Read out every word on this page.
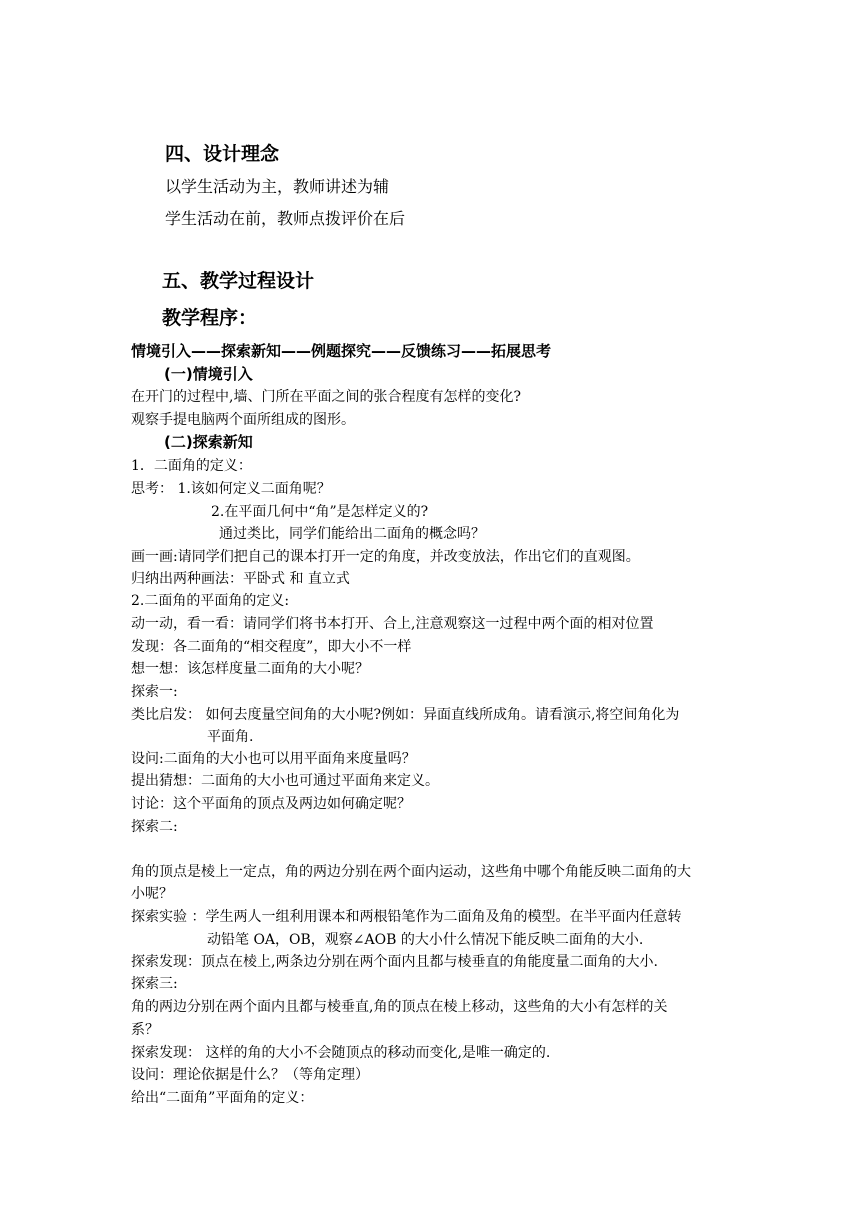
四、设计理念
以学生活动为主，教师讲述为辅
学生活动在前，教师点拨评价在后
五、教学过程设计
教学程序：
情境引入——探索新知——例题探究——反馈练习——拓展思考
(一)情境引入
在开门的过程中,墙、门所在平面之间的张合程度有怎样的变化?
观察手提电脑两个面所组成的图形。
(二)探索新知
1．二面角的定义：
思考： 1.该如何定义二面角呢？
2.在平面几何中“角”是怎样定义的?
通过类比，同学们能给出二面角的概念吗？
画一画:请同学们把自己的课本打开一定的角度，并改变放法，作出它们的直观图。
归纳出两种画法：平卧式 和 直立式
2.二面角的平面角的定义:
动一动，看一看：请同学们将书本打开、合上,注意观察这一过程中两个面的相对位置
发现：各二面角的“相交程度”，即大小不一样
想一想：该怎样度量二面角的大小呢？
探索一:
类比启发： 如何去度量空间角的大小呢?例如：异面直线所成角。请看演示,将空间角化为
平面角.
设问:二面角的大小也可以用平面角来度量吗？
提出猜想：二面角的大小也可通过平面角来定义。
讨论：这个平面角的顶点及两边如何确定呢？
探索二:
角的顶点是棱上一定点，角的两边分别在两个面内运动，这些角中哪个角能反映二面角的大
小呢？
探索实验 ：学生两人一组利用课本和两根铅笔作为二面角及角的模型。在半平面内任意转
动铅笔 OA，OB，观察∠AOB 的大小什么情况下能反映二面角的大小.
探索发现：顶点在棱上,两条边分别在两个面内且都与棱垂直的角能度量二面角的大小.
探索三:
角的两边分别在两个面内且都与棱垂直,角的顶点在棱上移动，这些角的大小有怎样的关
系？
探索发现： 这样的角的大小不会随顶点的移动而变化,是唯一确定的.
设问：理论依据是什么？（等角定理）
给出“二面角”平面角的定义：
